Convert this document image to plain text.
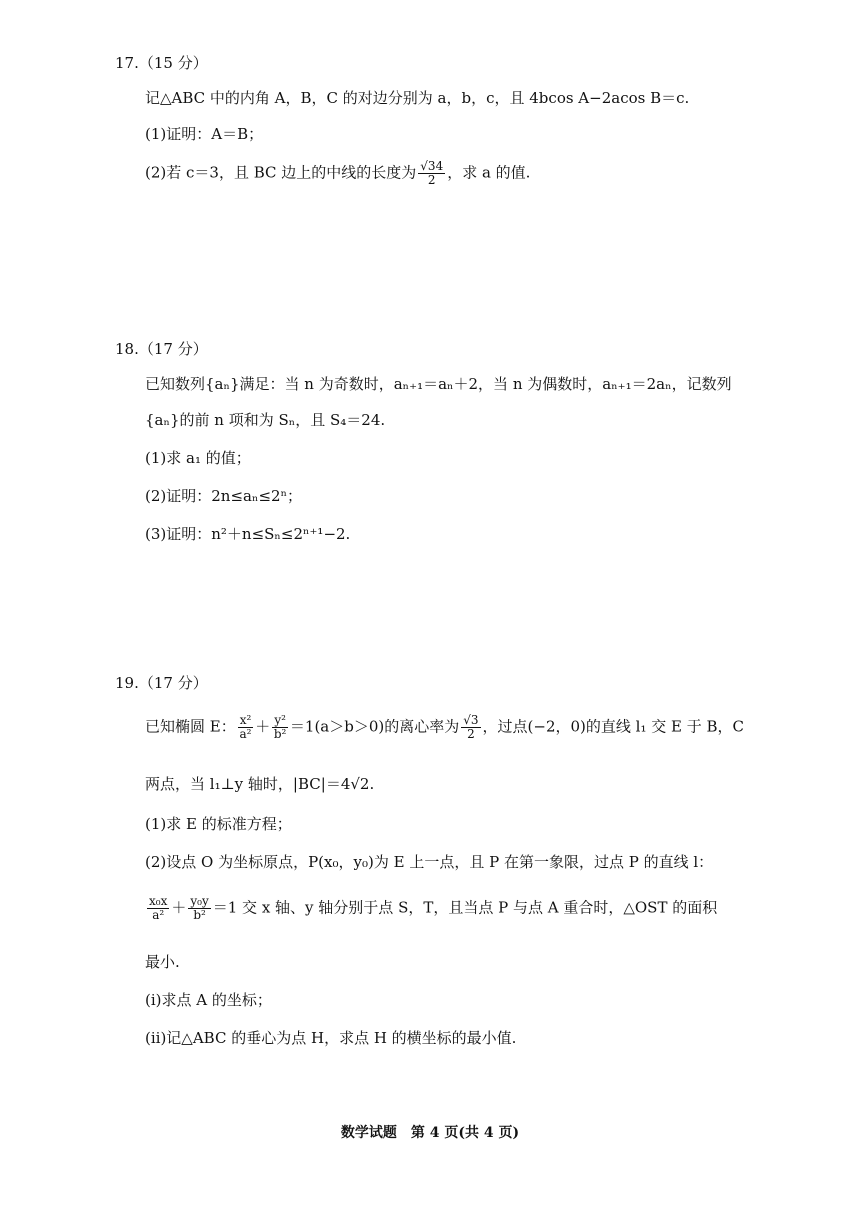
17.（15 分）
记△ABC 中的内角 A，B，C 的对边分别为 a，b，c，且 4bcos A−2acos B＝c.
(1)证明：A＝B；
(2)若 c＝3，且 BC 边上的中线的长度为 $\frac{√34}{2}$ ，求 a 的值.
18.（17 分）
已知数列{aₙ}满足：当 n 为奇数时，aₙ₊₁＝aₙ＋2，当 n 为偶数时，aₙ₊₁＝2aₙ，记数列
{aₙ}的前 n 项和为 Sₙ，且 S₄＝24.
(1)求 a₁ 的值；
(2)证明：2n≤aₙ≤2ⁿ；
(3)证明：n²＋n≤Sₙ≤2ⁿ⁺¹−2.
19.（17 分）
已知椭圆 E： $\frac{\text{x²}}{\text{a²}} + \frac{\text{y²}}{\text{b²}} =1(a>b>0)$的离心率为 $\frac{√3}{2}$ ，过点(−2，0)的直线 l₁ 交 E 于 B，C
两点，当 l₁⊥y 轴时，|BC|＝4√2.
(1)求 E 的标准方程；
(2)设点 O 为坐标原点，P(x₀，y₀)为 E 上一点，且 P 在第一象限，过点 P 的直线 l：
$\frac{\text{x₀x}}{\text{a²}} + \frac{\text{y₀y}}{\text{b²}} =1$ 交 x 轴、y 轴分别于点 S，T，且当点 P 与点 A 重合时，△OST 的面积
最小.
(ⅰ)求点 A 的坐标；
(ⅱ)记△ABC 的垂心为点 H，求点 H 的横坐标的最小值.
数学试题　第 4 页(共 4 页)
